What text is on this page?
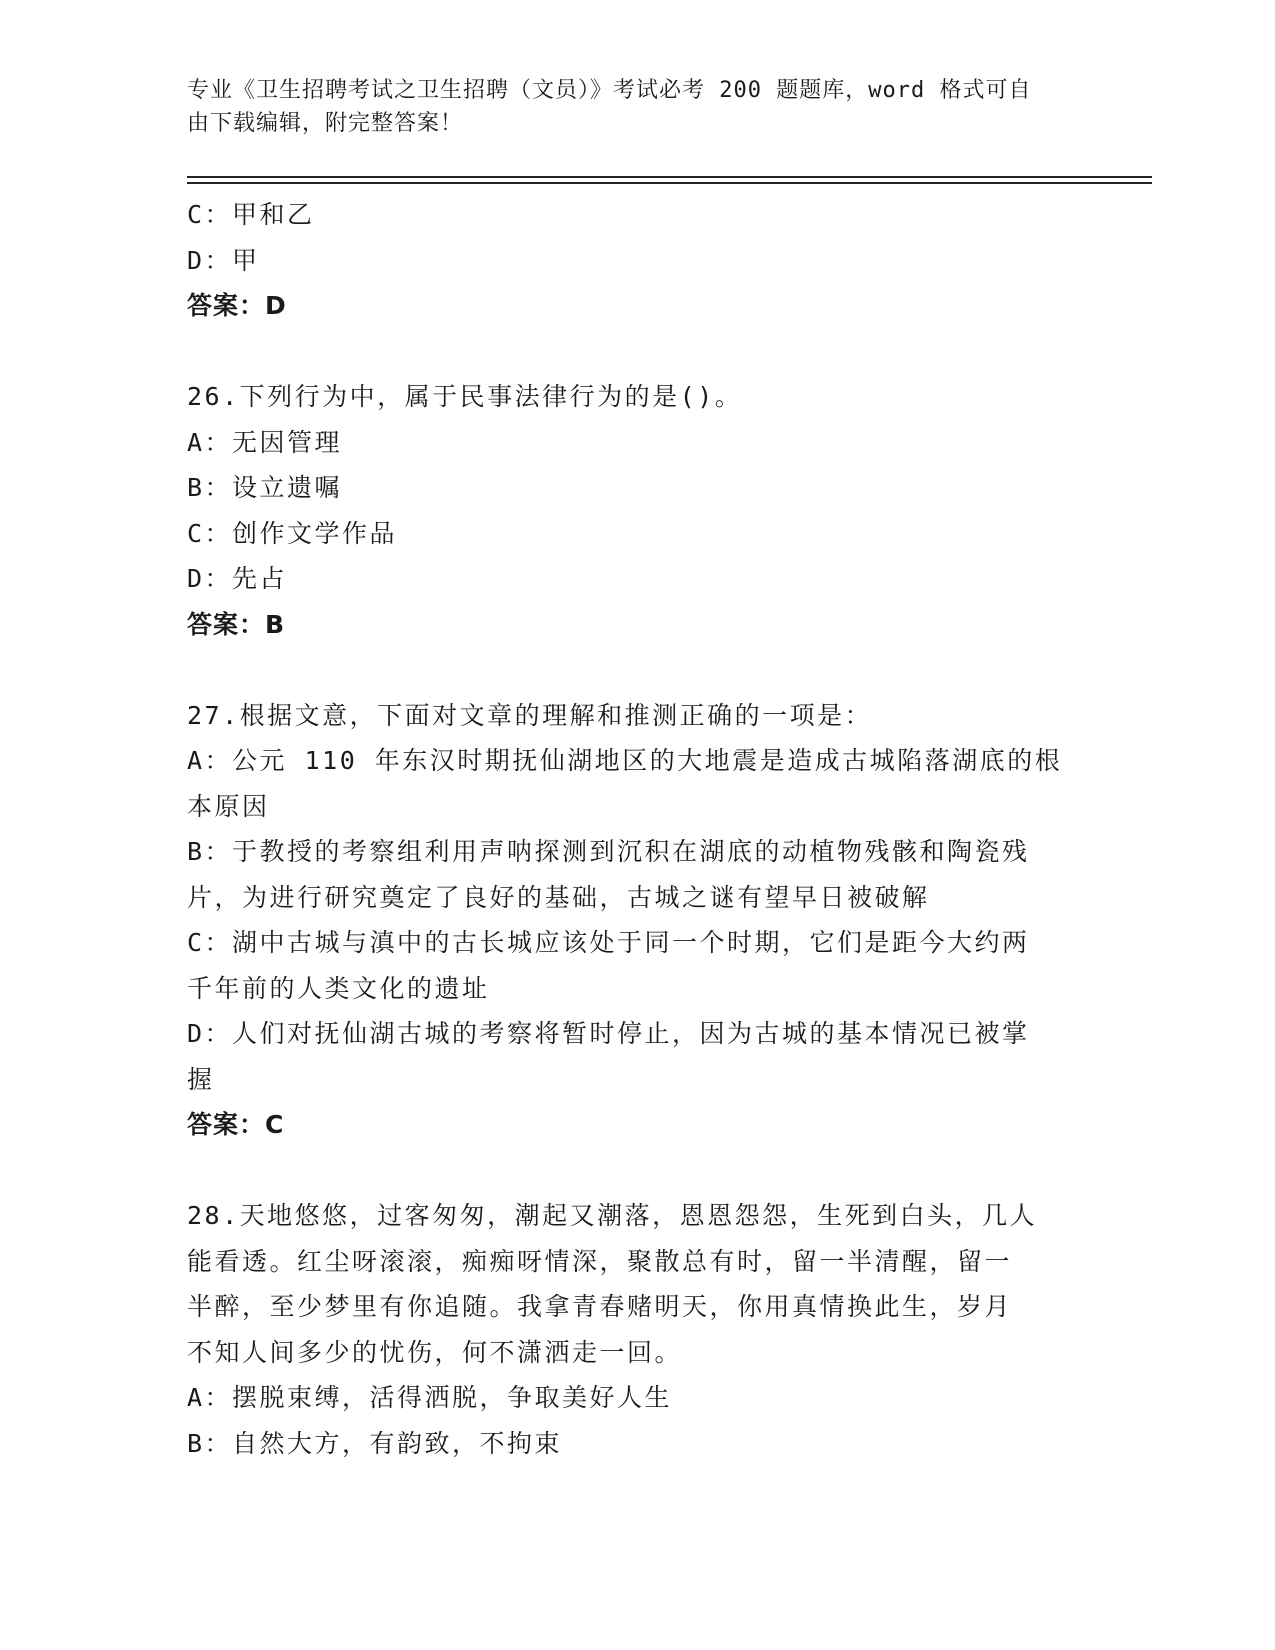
专业《卫生招聘考试之卫生招聘（文员）》考试必考 200 题题库，word 格式可自
由下载编辑，附完整答案！
C：甲和乙
D：甲
答案：D
26.下列行为中，属于民事法律行为的是()。
A：无因管理
B：设立遗嘱
C：创作文学作品
D：先占
答案：B
27.根据文意，下面对文章的理解和推测正确的一项是：
A：公元 110 年东汉时期抚仙湖地区的大地震是造成古城陷落湖底的根
本原因
B：于教授的考察组利用声呐探测到沉积在湖底的动植物残骸和陶瓷残
片，为进行研究奠定了良好的基础，古城之谜有望早日被破解
C：湖中古城与滇中的古长城应该处于同一个时期，它们是距今大约两
千年前的人类文化的遗址
D：人们对抚仙湖古城的考察将暂时停止，因为古城的基本情况已被掌
握
答案：C
28.天地悠悠，过客匆匆，潮起又潮落，恩恩怨怨，生死到白头，几人
能看透。红尘呀滚滚，痴痴呀情深，聚散总有时，留一半清醒，留一
半醉，至少梦里有你追随。我拿青春赌明天，你用真情换此生，岁月
不知人间多少的忧伤，何不潇洒走一回。
A：摆脱束缚，活得洒脱，争取美好人生
B：自然大方，有韵致，不拘束
